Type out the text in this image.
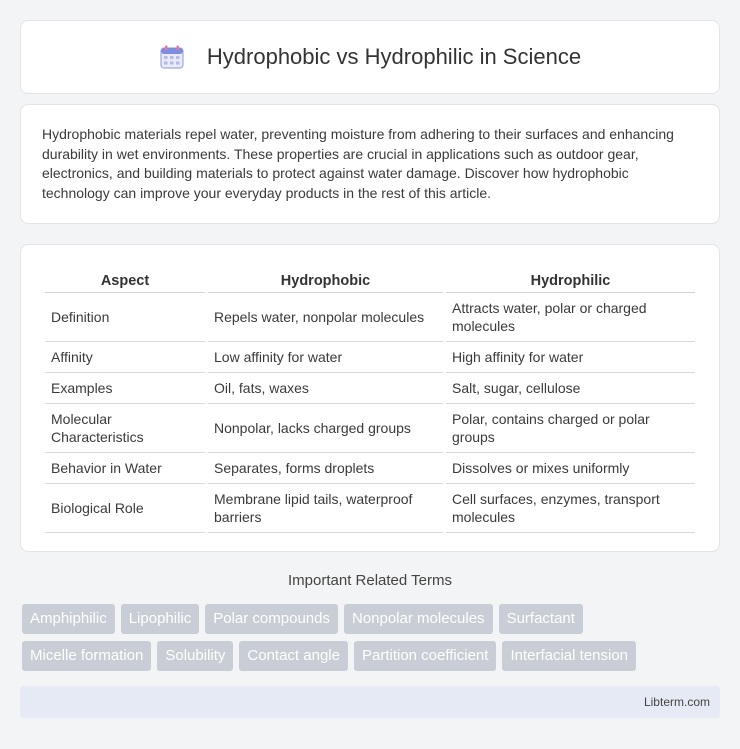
Hydrophobic vs Hydrophilic in Science

Hydrophobic materials repel water, preventing moisture from adhering to their surfaces and enhancing durability in wet environments. These properties are crucial in applications such as outdoor gear, electronics, and building materials to protect against water damage. Discover how hydrophobic technology can improve your everyday products in the rest of this article.

Aspect	Hydrophobic	Hydrophilic
Definition	Repels water, nonpolar molecules	Attracts water, polar or charged molecules
Affinity	Low affinity for water	High affinity for water
Examples	Oil, fats, waxes	Salt, sugar, cellulose
Molecular Characteristics	Nonpolar, lacks charged groups	Polar, contains charged or polar groups
Behavior in Water	Separates, forms droplets	Dissolves or mixes uniformly
Biological Role	Membrane lipid tails, waterproof barriers	Cell surfaces, enzymes, transport molecules
Important Related Terms
Amphiphilic	Lipophilic	Polar compounds	Nonpolar molecules	Surfactant
Micelle formation	Solubility	Contact angle	Partition coefficient	Interfacial tension
Libterm.com
